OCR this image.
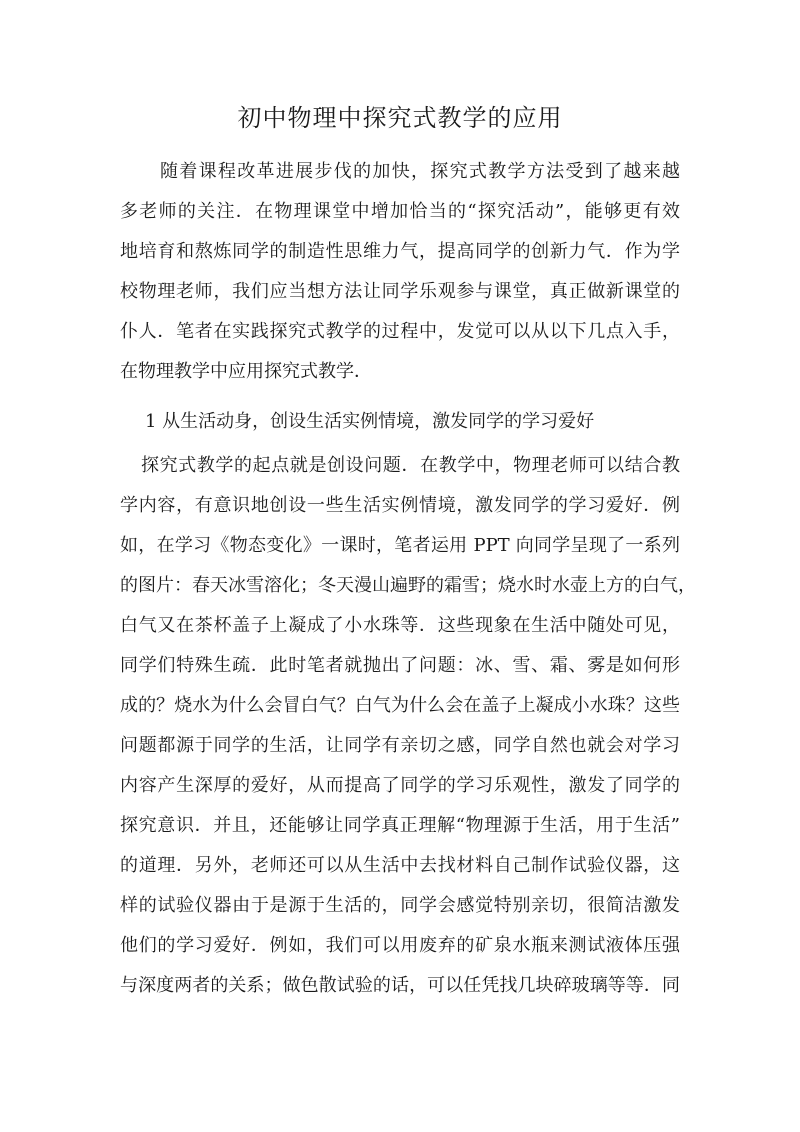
初中物理中探究式教学的应用
随着课程改革进展步伐的加快，探究式教学方法受到了越来越
多老师的关注．在物理课堂中增加恰当的“探究活动”，能够更有效
地培育和熬炼同学的制造性思维力气，提高同学的创新力气．作为学
校物理老师，我们应当想方法让同学乐观参与课堂，真正做新课堂的
仆人．笔者在实践探究式教学的过程中，发觉可以从以下几点入手，
在物理教学中应用探究式教学．
1 从生活动身，创设生活实例情境，激发同学的学习爱好
探究式教学的起点就是创设问题．在教学中，物理老师可以结合教
学内容，有意识地创设一些生活实例情境，激发同学的学习爱好．例
如，在学习《物态变化》一课时，笔者运用 PPT 向同学呈现了一系列
的图片：春天冰雪溶化；冬天漫山遍野的霜雪；烧水时水壶上方的白气，
白气又在茶杯盖子上凝成了小水珠等．这些现象在生活中随处可见，
同学们特殊生疏．此时笔者就抛出了问题：冰、雪、霜、雾是如何形
成的？烧水为什么会冒白气？白气为什么会在盖子上凝成小水珠？这些
问题都源于同学的生活，让同学有亲切之感，同学自然也就会对学习
内容产生深厚的爱好，从而提高了同学的学习乐观性，激发了同学的
探究意识．并且，还能够让同学真正理解“物理源于生活，用于生活”
的道理．另外，老师还可以从生活中去找材料自己制作试验仪器，这
样的试验仪器由于是源于生活的，同学会感觉特别亲切，很简洁激发
他们的学习爱好．例如，我们可以用废弃的矿泉水瓶来测试液体压强
与深度两者的关系；做色散试验的话，可以任凭找几块碎玻璃等等．同
